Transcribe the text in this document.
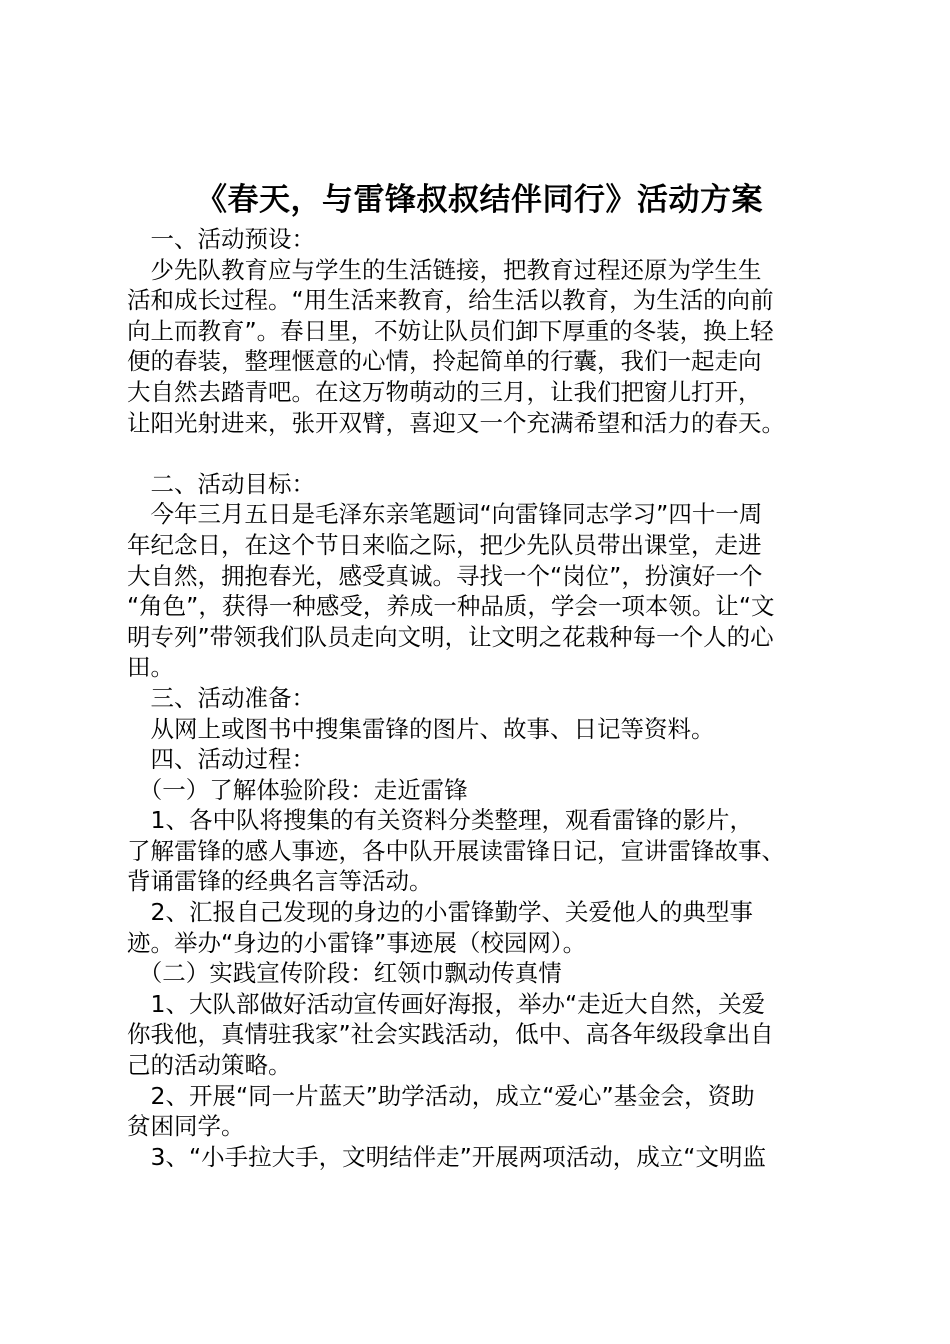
《春天，与雷锋叔叔结伴同行》活动方案

　一、活动预设：

　少先队教育应与学生的生活链接，把教育过程还原为学生生

活和成长过程。“用生活来教育，给生活以教育，为生活的向前

向上而教育”。春日里，不妨让队员们卸下厚重的冬装，换上轻

便的春装，整理惬意的心情，拎起简单的行囊，我们一起走向

大自然去踏青吧。在这万物萌动的三月，让我们把窗儿打开，

让阳光射进来，张开双臂，喜迎又一个充满希望和活力的春天。

　二、活动目标：

　今年三月五日是毛泽东亲笔题词“向雷锋同志学习”四十一周

年纪念日，在这个节日来临之际，把少先队员带出课堂，走进

大自然，拥抱春光，感受真诚。寻找一个“岗位”，扮演好一个

“角色”，获得一种感受，养成一种品质，学会一项本领。让“文

明专列”带领我们队员走向文明，让文明之花栽种每一个人的心

田。

　三、活动准备：

　从网上或图书中搜集雷锋的图片、故事、日记等资料。

　四、活动过程：

　（一）了解体验阶段：走近雷锋

　1、各中队将搜集的有关资料分类整理，观看雷锋的影片，

了解雷锋的感人事迹，各中队开展读雷锋日记，宣讲雷锋故事、

背诵雷锋的经典名言等活动。

　2、汇报自己发现的身边的小雷锋勤学、关爱他人的典型事

迹。举办“身边的小雷锋”事迹展（校园网）。

　（二）实践宣传阶段：红领巾飘动传真情

　1、大队部做好活动宣传画好海报，举办“走近大自然，关爱

你我他，真情驻我家”社会实践活动，低中、高各年级段拿出自

己的活动策略。

　2、开展“同一片蓝天”助学活动，成立“爱心”基金会，资助

贫困同学。

　3、“小手拉大手，文明结伴走”开展两项活动，成立“文明监
